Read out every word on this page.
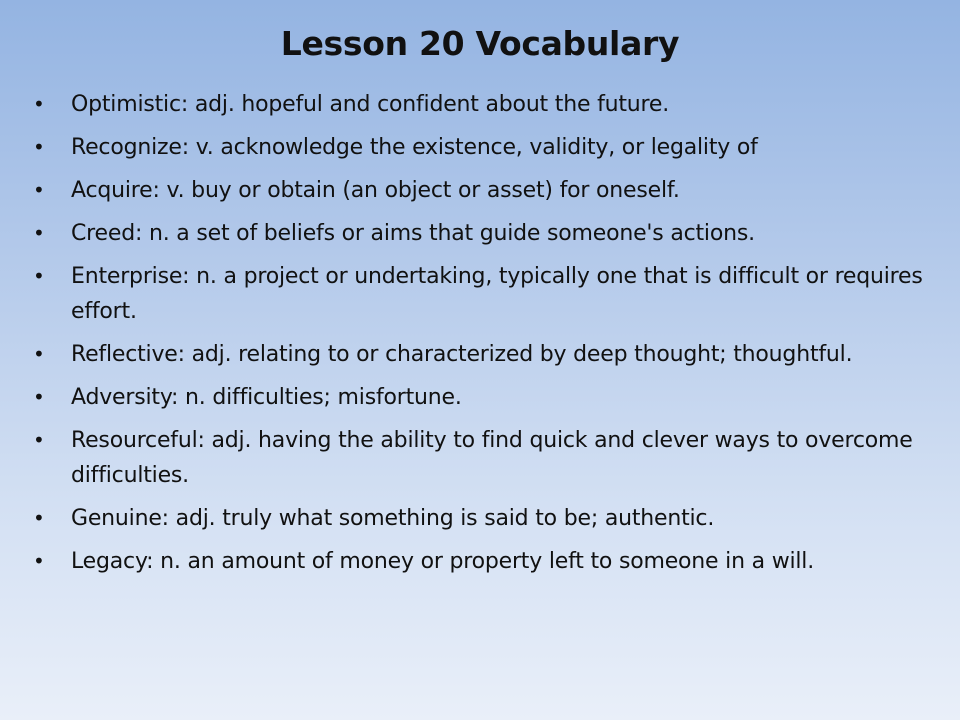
Lesson 20 Vocabulary
•	Optimistic: adj. hopeful and confident about the future.
•	Recognize: v. acknowledge the existence, validity, or legality of
•	Acquire: v. buy or obtain (an object or asset) for oneself.
•	Creed: n. a set of beliefs or aims that guide someone's actions.
•	Enterprise: n. a project or undertaking, typically one that is difficult or requires effort.
•	Reflective: adj. relating to or characterized by deep thought; thoughtful.
•	Adversity: n. difficulties; misfortune.
•	Resourceful: adj. having the ability to find quick and clever ways to overcome difficulties.
•	Genuine: adj. truly what something is said to be; authentic.
•	Legacy: n. an amount of money or property left to someone in a will.
